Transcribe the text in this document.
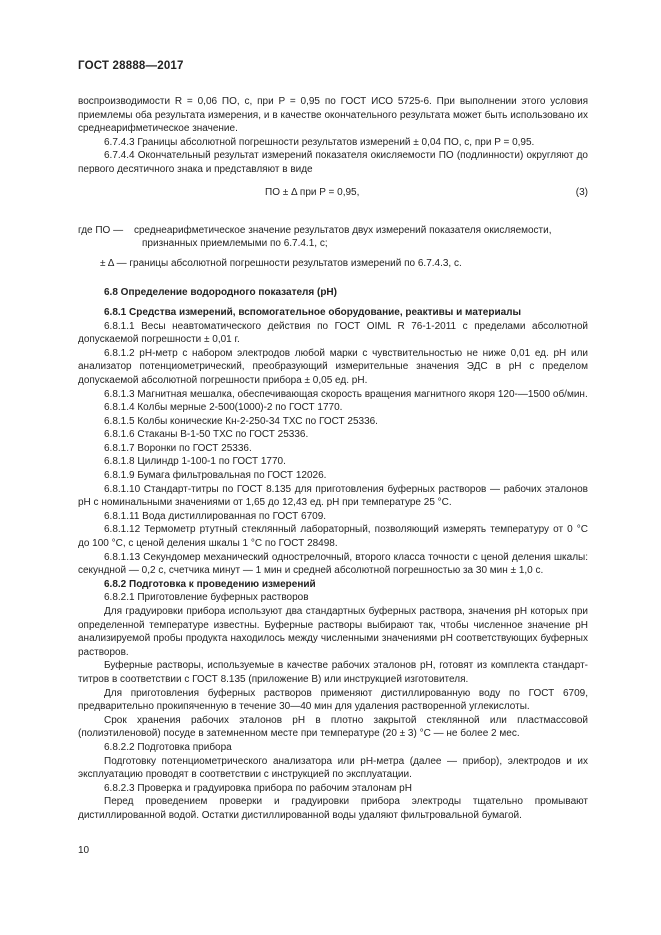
ГОСТ 28888—2017

воспроизводимости R = 0,06 ПО, с, при P = 0,95 по ГОСТ ИСО 5725-6. При выполнении этого условия приемлемы оба результата измерения, и в качестве окончательного результата может быть использовано их среднеарифметическое значение.

6.7.4.3 Границы абсолютной погрешности результатов измерений ± 0,04 ПО, с, при P = 0,95.

6.7.4.4 Окончательный результат измерений показателя окисляемости ПО (подлинности) округляют до первого десятичного знака и представляют в виде

ПО ± Δ при P = 0,95,	(3)
где ПО —	среднеарифметическое значение результатов двух измерений показателя окисляемости,
признанных приемлемыми по 6.7.4.1, с;
± Δ — границы абсолютной погрешности результатов измерений по 6.7.4.3, с.

6.8 Определение водородного показателя (рН)

6.8.1 Средства измерений, вспомогательное оборудование, реактивы и материалы

6.8.1.1 Весы неавтоматического действия по ГОСТ OIML R 76-1-2011 с пределами абсолютной допускаемой погрешности ± 0,01 г.

6.8.1.2 рН-метр с набором электродов любой марки с чувствительностью не ниже 0,01 ед. рН или анализатор потенциометрический, преобразующий измерительные значения ЭДС в рН с пределом допускаемой абсолютной погрешности прибора ± 0,05 ед. рН.

6.8.1.3 Магнитная мешалка, обеспечивающая скорость вращения магнитного якоря 120-—1500 об/мин.

6.8.1.4 Колбы мерные 2-500(1000)-2 по ГОСТ 1770.

6.8.1.5 Колбы конические Кн-2-250-34 ТХС по ГОСТ 25336.

6.8.1.6 Стаканы В-1-50 ТХС по ГОСТ 25336.

6.8.1.7 Воронки по ГОСТ 25336.

6.8.1.8 Цилиндр 1-100-1 по ГОСТ 1770.

6.8.1.9 Бумага фильтровальная по ГОСТ 12026.

6.8.1.10 Стандарт-титры по ГОСТ 8.135 для приготовления буферных растворов — рабочих эталонов рН с номинальными значениями от 1,65 до 12,43 ед. рН при температуре 25 °С.

6.8.1.11 Вода дистиллированная по ГОСТ 6709.

6.8.1.12 Термометр ртутный стеклянный лабораторный, позволяющий измерять температуру от 0 °С до 100 °С, с ценой деления шкалы 1 °С по ГОСТ 28498.

6.8.1.13 Секундомер механический однострелочный, второго класса точности с ценой деления шкалы: секундной — 0,2 с, счетчика минут — 1 мин и средней абсолютной погрешностью за 30 мин ± 1,0 с.

6.8.2 Подготовка к проведению измерений

6.8.2.1 Приготовление буферных растворов

Для градуировки прибора используют два стандартных буферных раствора, значения рН которых при определенной температуре известны. Буферные растворы выбирают так, чтобы численное значение рН анализируемой пробы продукта находилось между численными значениями рН соответствующих буферных растворов.

Буферные растворы, используемые в качестве рабочих эталонов рН, готовят из комплекта стандарт-титров в соответствии с ГОСТ 8.135 (приложение В) или инструкцией изготовителя.

Для приготовления буферных растворов применяют дистиллированную воду по ГОСТ 6709, предварительно прокипяченную в течение 30—40 мин для удаления растворенной углекислоты.

Срок хранения рабочих эталонов рН в плотно закрытой стеклянной или пластмассовой (полиэтиленовой) посуде в затемненном месте при температуре (20 ± 3) °С — не более 2 мес.

6.8.2.2 Подготовка прибора

Подготовку потенциометрического анализатора или рН-метра (далее — прибор), электродов и их эксплуатацию проводят в соответствии с инструкцией по эксплуатации.

6.8.2.3 Проверка и градуировка прибора по рабочим эталонам рН

Перед проведением проверки и градуировки прибора электроды тщательно промывают дистиллированной водой. Остатки дистиллированной воды удаляют фильтровальной бумагой.

10
